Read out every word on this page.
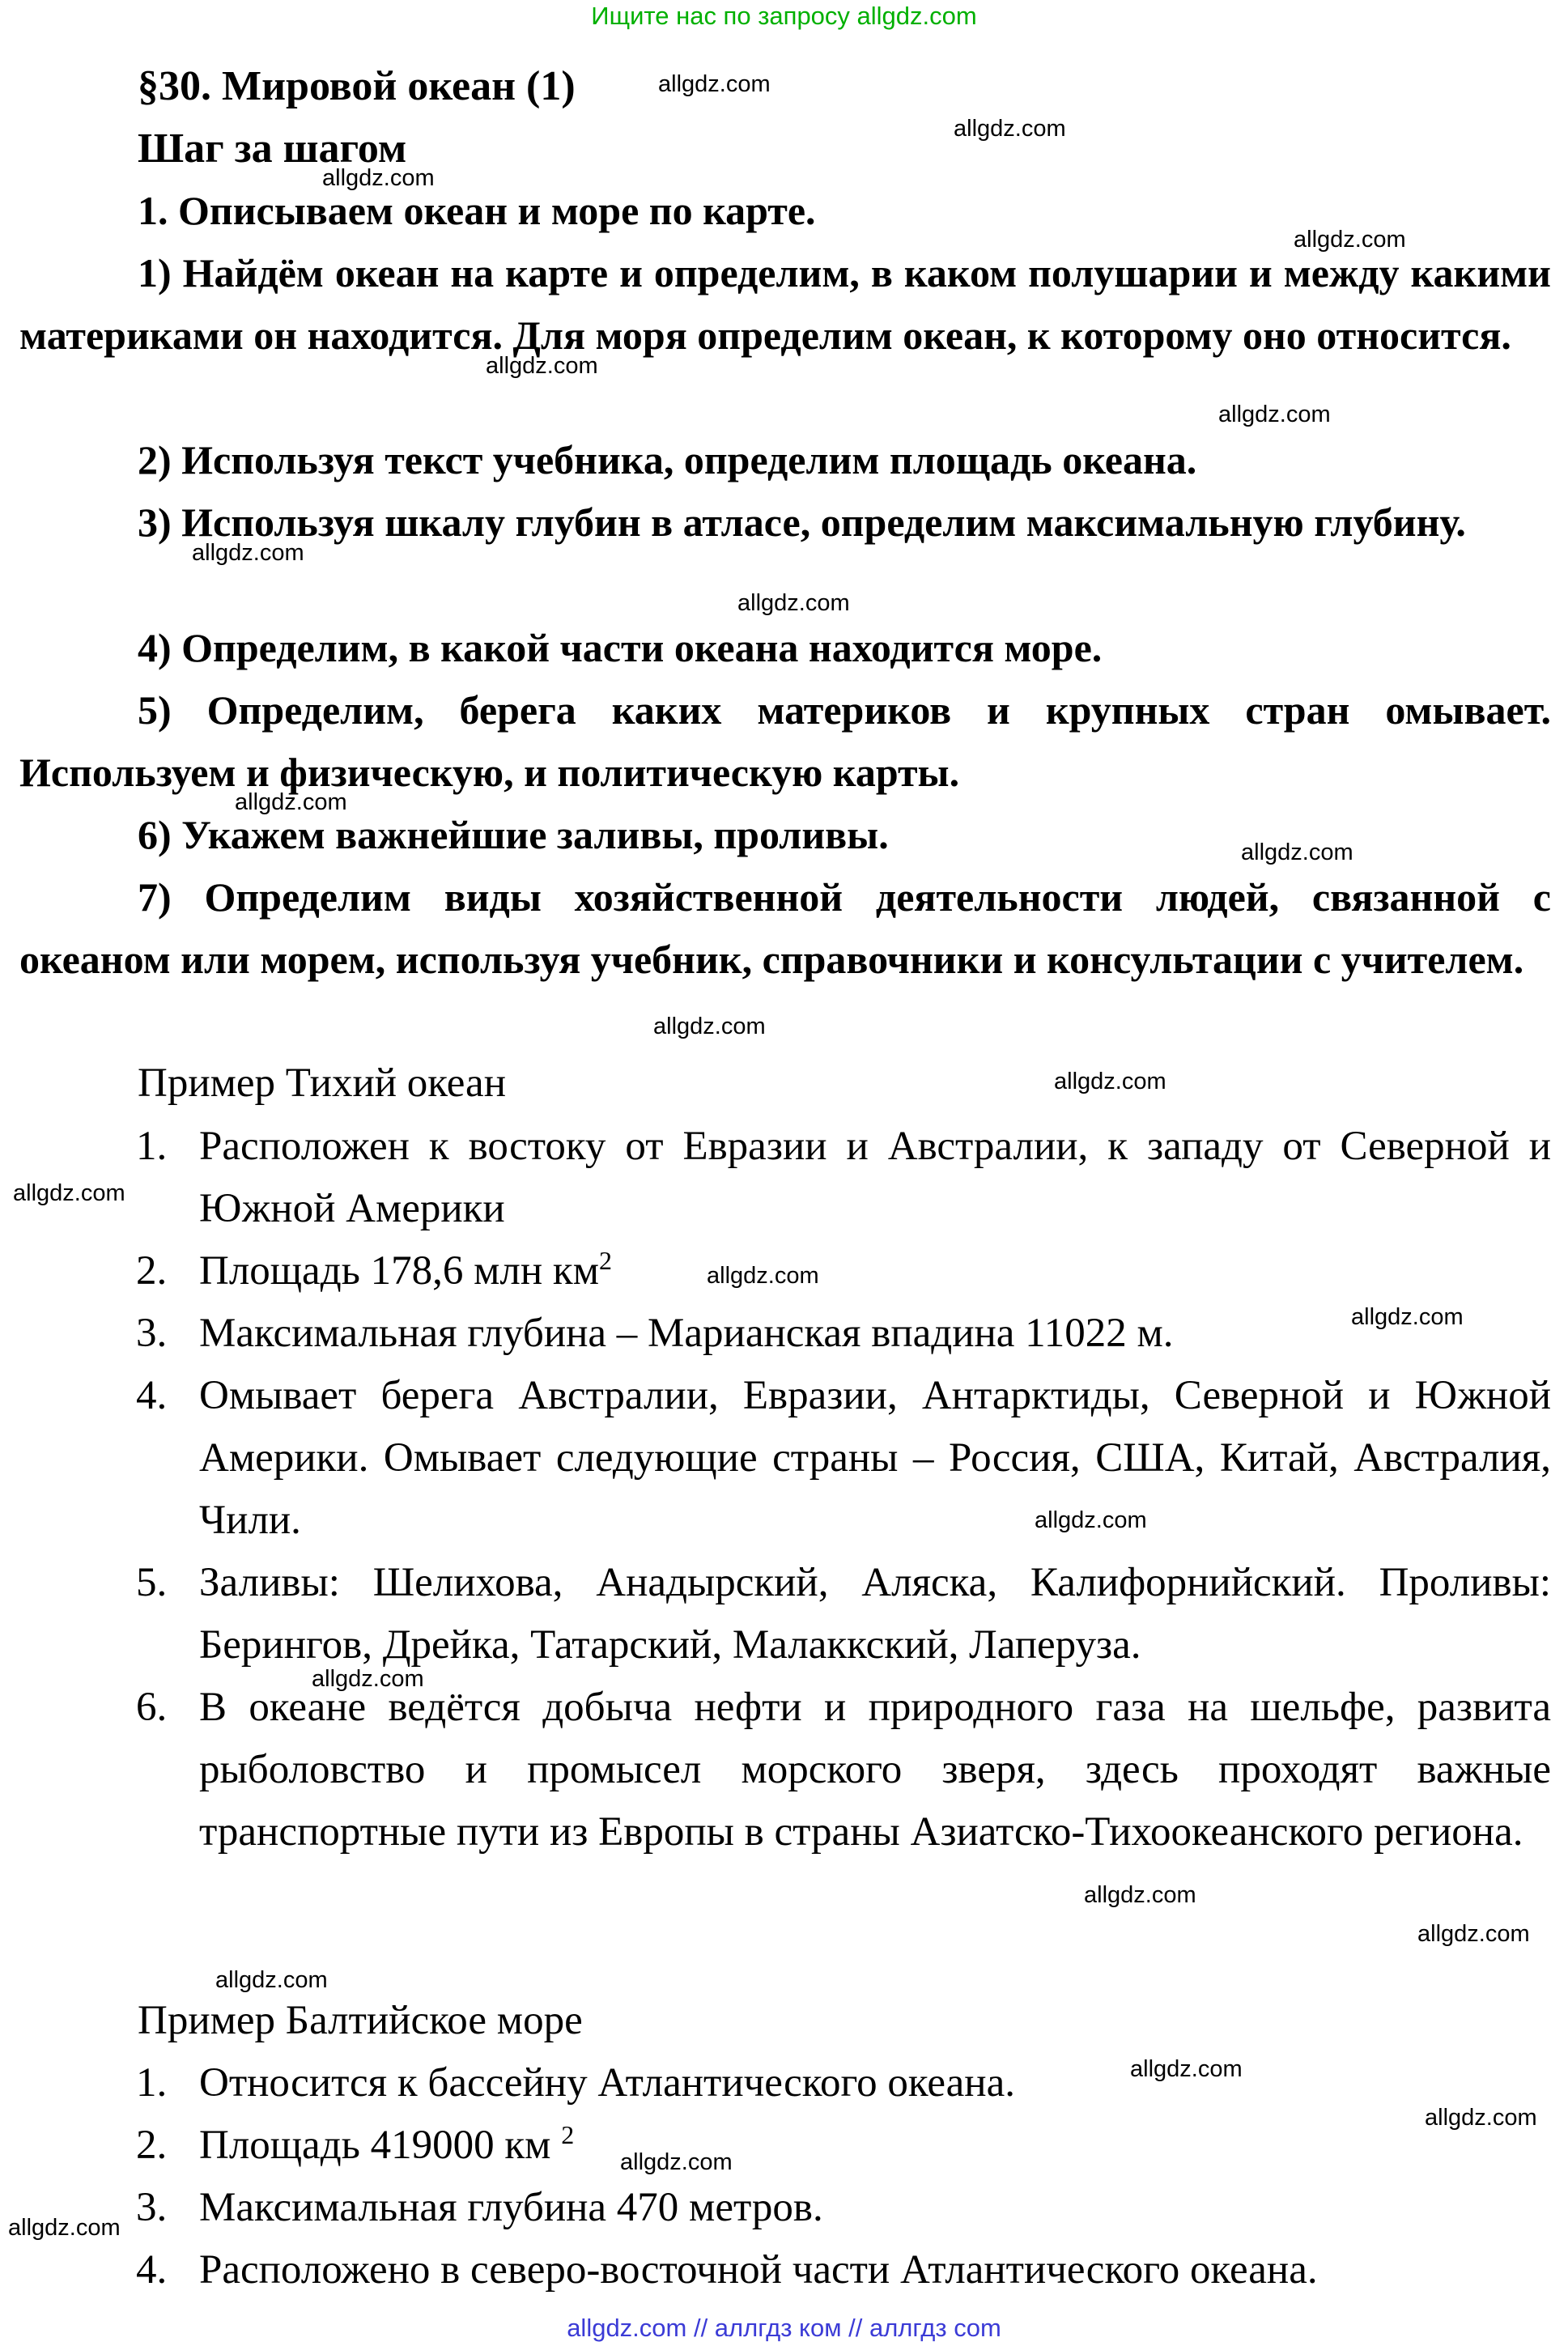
Ищите нас по запросу allgdz.com
§30. Мировой океан (1)
Шаг за шагом
1. Описываем океан и море по карте.
1) Найдём океан на карте и определим, в каком полушарии и между какими материками он находится. Для моря определим океан, к которому оно относится.
2) Используя текст учебника, определим площадь океана.
3) Используя шкалу глубин в атласе, определим максимальную глубину.
4) Определим, в какой части океана находится море.
5) Определим, берега каких материков и крупных стран омывает. Используем и физическую, и политическую карты.
6) Укажем важнейшие заливы, проливы.
7) Определим виды хозяйственной деятельности людей, связанной с океаном или морем, используя учебник, справочники и консультации с учителем.
Пример Тихий океан
1. Расположен к востоку от Евразии и Австралии, к западу от Северной и Южной Америки
2. Площадь 178,6 млн $км^2$
3. Максимальная глубина – Марианская впадина 11022 м.
4. Омывает берега Австралии, Евразии, Антарктиды, Северной и Южной Америки. Омывает следующие страны – Россия, США, Китай, Австралия, Чили.
5. Заливы: Шелихова, Анадырский, Аляска, Калифорнийский. Проливы: Берингов, Дрейка, Татарский, Малаккский, Лаперуза.
6. В океане ведётся добыча нефти и природного газа на шельфе, развита рыболовство и промысел морского зверя, здесь проходят важные транспортные пути из Европы в страны Азиатско-Тихоокеанского региона.
Пример Балтийское море
1. Относится к бассейну Атлантического океана.
2. Площадь 419000 км $^2$
3. Максимальная глубина 470 метров.
4. Расположено в северо-восточной части Атлантического океана.
allgdz.com
allgdz.com
allgdz.com
allgdz.com
allgdz.com
allgdz.com
allgdz.com
allgdz.com
allgdz.com
allgdz.com
allgdz.com
allgdz.com
allgdz.com
allgdz.com
allgdz.com
allgdz.com
allgdz.com
allgdz.com
allgdz.com
allgdz.com
allgdz.com
allgdz.com
allgdz.com
allgdz.com
allgdz.com // аллгдз ком // аллгдз com
